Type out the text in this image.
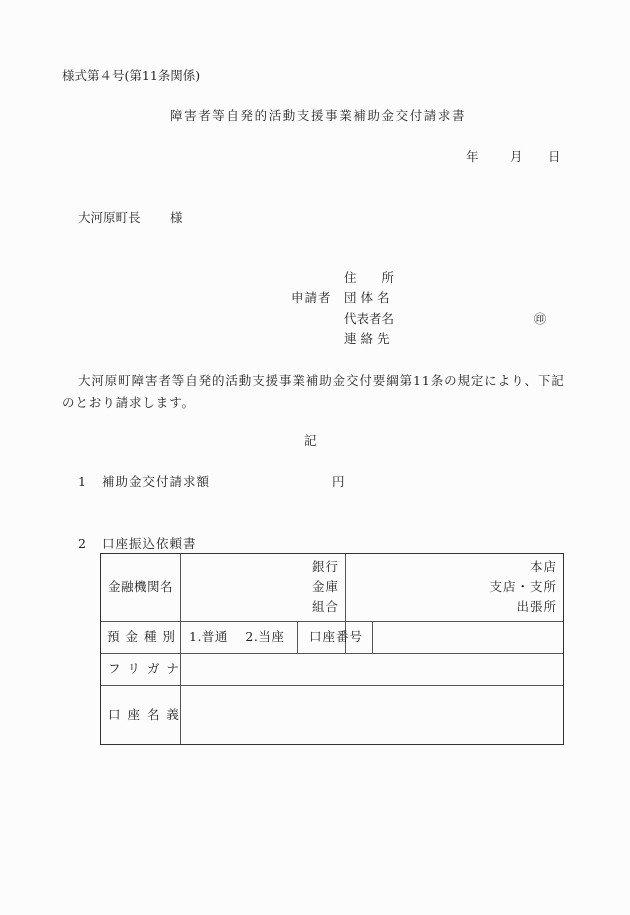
様式第４号(第11条関係)
障害者等自発的活動支援事業補助金交付請求書
年	月 日
大河原町長 様
申請者
住　　所
団 体 名
代表者名
連 絡 先
㊞
大河原町障害者等自発的活動支援事業補助金交付要綱第11条の規定により、下記
のとおり請求します。
記
1 補助金交付請求額	円
2 口座振込依頼書
金融機関名
銀行
金庫
組合
本店
支店・支所
出張所
預 金 種 別 1.普通　 2.当座 口座番号
フ リ ガ ナ
口 座 名 義
